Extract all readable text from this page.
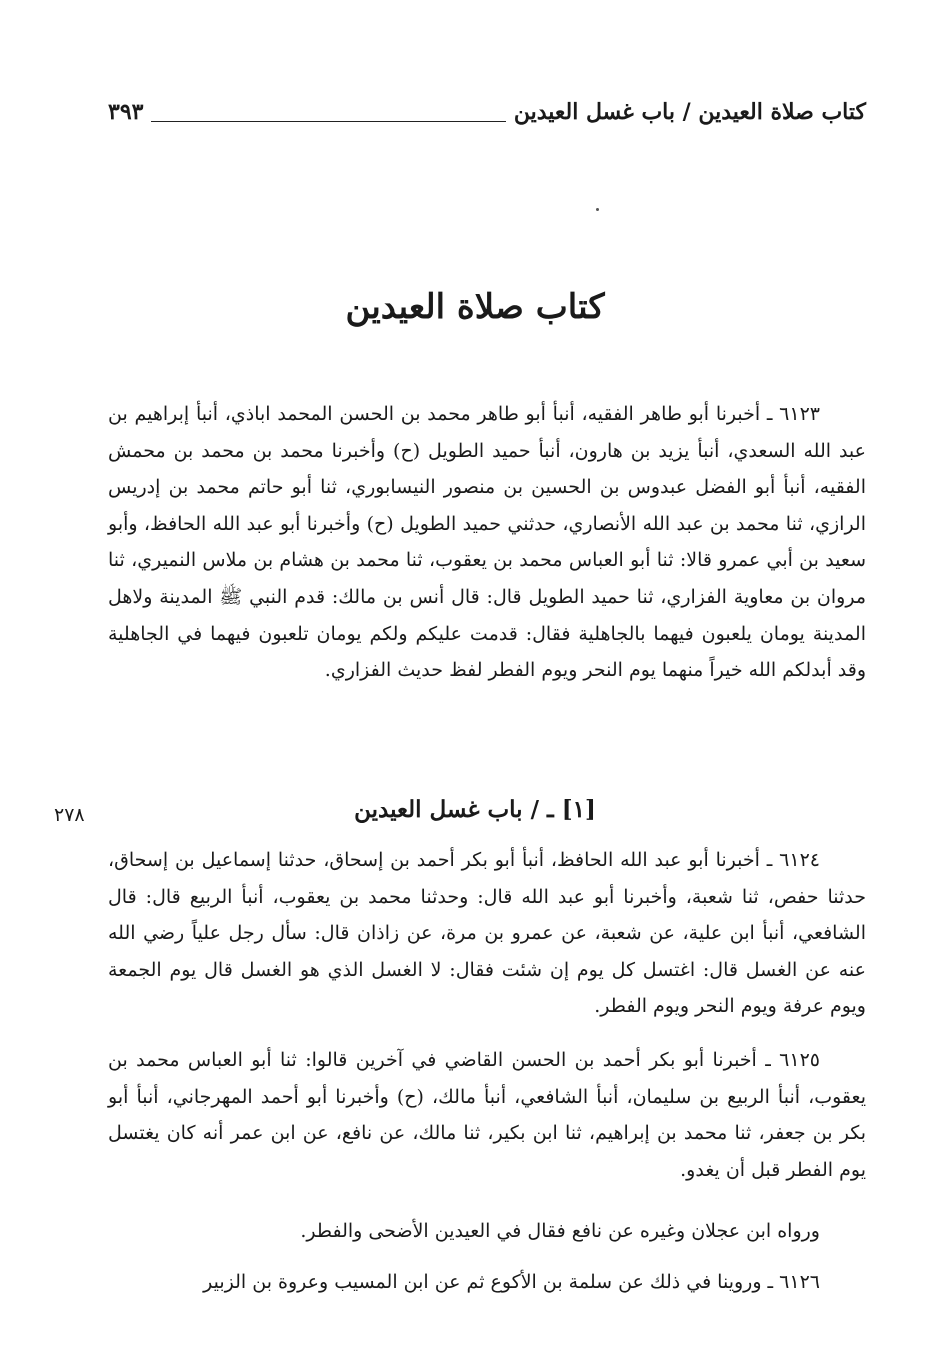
كتاب صلاة العيدين / باب غسل العيدين
٣٩٣
كتاب صلاة العيدين

٦١٢٣ ـ أخبرنا أبو طاهر الفقيه، أنبأ أبو طاهر محمد بن الحسن المحمد اباذي، أنبأ إبراهيم بن عبد الله السعدي، أنبأ يزيد بن هارون، أنبأ حميد الطويل (ح) وأخبرنا محمد بن محمد بن محمش الفقيه، أنبأ أبو الفضل عبدوس بن الحسين بن منصور النيسابوري، ثنا أبو حاتم محمد بن إدريس الرازي، ثنا محمد بن عبد الله الأنصاري، حدثني حميد الطويل (ح) وأخبرنا أبو عبد الله الحافظ، وأبو سعيد بن أبي عمرو قالا: ثنا أبو العباس محمد بن يعقوب، ثنا محمد بن هشام بن ملاس النميري، ثنا مروان بن معاوية الفزاري، ثنا حميد الطويل قال: قال أنس بن مالك: قدم النبي ﷺ المدينة ولاهل المدينة يومان يلعبون فيهما بالجاهلية فقال: قدمت عليكم ولكم يومان تلعبون فيهما في الجاهلية وقد أبدلكم الله خيراً منهما يوم النحر ويوم الفطر لفظ حديث الفزاري.

[١] ـ / باب غسل العيدين
٢٧٨

٦١٢٤ ـ أخبرنا أبو عبد الله الحافظ، أنبأ أبو بكر أحمد بن إسحاق، حدثنا إسماعيل بن إسحاق، حدثنا حفص، ثنا شعبة، وأخبرنا أبو عبد الله قال: وحدثنا محمد بن يعقوب، أنبأ الربيع قال: قال الشافعي، أنبأ ابن علية، عن شعبة، عن عمرو بن مرة، عن زاذان قال: سأل رجل علياً رضي الله عنه عن الغسل قال: اغتسل كل يوم إن شئت فقال: لا الغسل الذي هو الغسل قال يوم الجمعة ويوم عرفة ويوم النحر ويوم الفطر.

٦١٢٥ ـ أخبرنا أبو بكر أحمد بن الحسن القاضي في آخرين قالوا: ثنا أبو العباس محمد بن يعقوب، أنبأ الربيع بن سليمان، أنبأ الشافعي، أنبأ مالك، (ح) وأخبرنا أبو أحمد المهرجاني، أنبأ أبو بكر بن جعفر، ثنا محمد بن إبراهيم، ثنا ابن بكير، ثنا مالك، عن نافع، عن ابن عمر أنه كان يغتسل يوم الفطر قبل أن يغدو.

ورواه ابن عجلان وغيره عن نافع فقال في العيدين الأضحى والفطر.

٦١٢٦ ـ وروينا في ذلك عن سلمة بن الأكوع ثم عن ابن المسيب وعروة بن الزبير
